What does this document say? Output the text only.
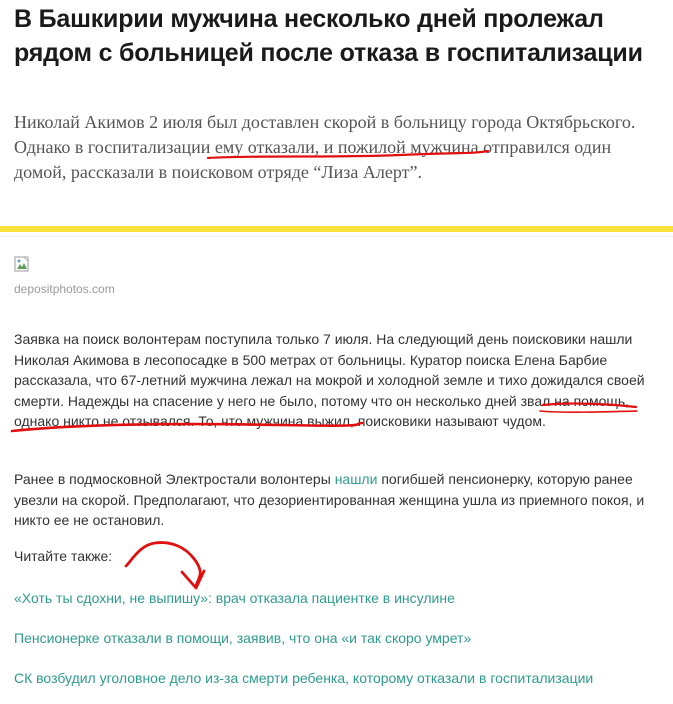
В Башкирии мужчина несколько дней пролежал рядом с больницей после отказа в госпитализации

Николай Акимов 2 июля был доставлен скорой в больницу города Октябрьского. Однако в госпитализации ему отказали, и пожилой мужчина отправился один домой, рассказали в поисковом отряде “Лиза Алерт”.

depositphotos.com

Заявка на поиск волонтерам поступила только 7 июля. На следующий день поисковики нашли Николая Акимова в лесопосадке в 500 метрах от больницы. Куратор поиска Елена Барбие рассказала, что 67-летний мужчина лежал на мокрой и холодной земле и тихо дожидался своей смерти. Надежды на спасение у него не было, потому что он несколько дней звал на помощь, однако никто не отзывался. То, что мужчина выжил, поисковики называют чудом.

Ранее в подмосковной Электростали волонтеры нашли погибшей пенсионерку, которую ранее увезли на скорой. Предполагают, что дезориентированная женщина ушла из приемного покоя, и никто ее не остановил.

Читайте также:
«Хоть ты сдохни, не выпишу»: врач отказала пациентке в инсулине
Пенсионерке отказали в помощи, заявив, что она «и так скоро умрет»
СК возбудил уголовное дело из-за смерти ребенка, которому отказали в госпитализации
